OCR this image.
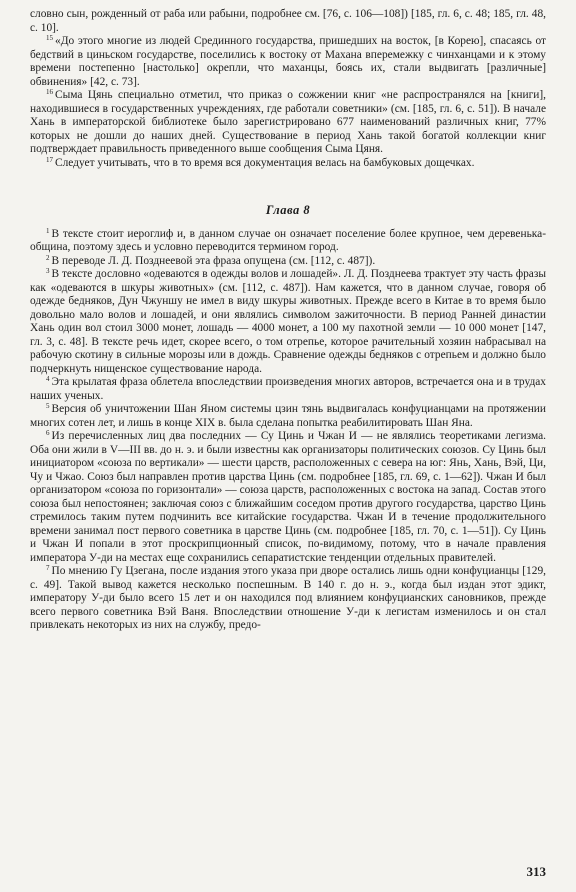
словно сын, рожденный от раба или рабыни, подробнее см. [76, с. 106—108]) [185, гл. 6, с. 48; 185, гл. 48, с. 10].

$^{15}$ «До этого многие из людей Срединного государства, пришедших на восток, [в Корею], спасаясь от бедствий в циньском государстве, поселились к востоку от Махана вперемежку с чинханцами и к этому времени постепенно [настолько] окрепли, что маханцы, боясь их, стали выдвигать [различные] обвинения» [42, с. 73].

$^{16}$ Сыма Цянь специально отметил, что приказ о сожжении книг «не распространялся на [книги], находившиеся в государственных учреждениях, где работали советники» (см. [185, гл. 6, с. 51]). В начале Хань в императорской библиотеке было зарегистрировано 677 наименований различных книг, 77% которых не дошли до наших дней. Существование в период Хань такой богатой коллекции книг подтверждает правильность приведенного выше сообщения Сыма Цяня.

$^{17}$ Следует учитывать, что в то время вся документация велась на бамбуковых дощечках.

Глава 8

$^1$ В тексте стоит иероглиф и, в данном случае он означает поселение более крупное, чем деревенька-община, поэтому здесь и условно переводится термином город.

$^2$ В переводе Л. Д. Позднеевой эта фраза опущена (см. [112, с. 487]).

$^3$ В тексте дословно «одеваются в одежды волов и лошадей». Л. Д. Позднеева трактует эту часть фразы как «одеваются в шкуры животных» (см. [112, с. 487]). Нам кажется, что в данном случае, говоря об одежде бедняков, Дун Чжуншу не имел в виду шкуры животных. Прежде всего в Китае в то время было довольно мало волов и лошадей, и они являлись символом зажиточности. В период Ранней династии Хань один вол стоил 3000 монет, лошадь — 4000 монет, а 100 му пахотной земли — 10 000 монет [147, гл. 3, с. 48]. В тексте речь идет, скорее всего, о том отрепье, которое рачительный хозяин набрасывал на рабочую скотину в сильные морозы или в дождь. Сравнение одежды бедняков с отрепьем и должно было подчеркнуть нищенское существование народа.

$^4$ Эта крылатая фраза облетела впоследствии произведения многих авторов, встречается она и в трудах наших ученых.

$^5$ Версия об уничтожении Шан Яном системы цзин тянь выдвигалась конфуцианцами на протяжении многих сотен лет, и лишь в конце XIX в. была сделана попытка реабилитировать Шан Яна.

$^6$ Из перечисленных лиц два последних — Су Цинь и Чжан И — не являлись теоретиками легизма. Оба они жили в V—III вв. до н. э. и были известны как организаторы политических союзов. Су Цинь был инициатором «союза по вертикали» — шести царств, расположенных с севера на юг: Янь, Хань, Вэй, Ци, Чу и Чжао. Союз был направлен против царства Цинь (см. подробнее [185, гл. 69, с. 1—62]). Чжан И был организатором «союза по горизонтали» — союза царств, расположенных с востока на запад. Состав этого союза был непостоянен; заключая союз с ближайшим соседом против другого государства, царство Цинь стремилось таким путем подчинить все китайские государства. Чжан И в течение продолжительного времени занимал пост первого советника в царстве Цинь (см. подробнее [185, гл. 70, с. 1—51]). Су Цинь и Чжан И попали в этот проскрипционный список, по-видимому, потому, что в начале правления императора У-ди на местах еще сохранились сепаратистские тенденции отдельных правителей.

$^7$ По мнению Гу Цзегана, после издания этого указа при дворе остались лишь одни конфуцианцы [129, с. 49]. Такой вывод кажется несколько поспешным. В 140 г. до н. э., когда был издан этот эдикт, императору У-ди было всего 15 лет и он находился под влиянием конфуцианских сановников, прежде всего первого советника Вэй Ваня. Впоследствии отношение У-ди к легистам изменилось и он стал привлекать некоторых из них на службу, предо-

313
